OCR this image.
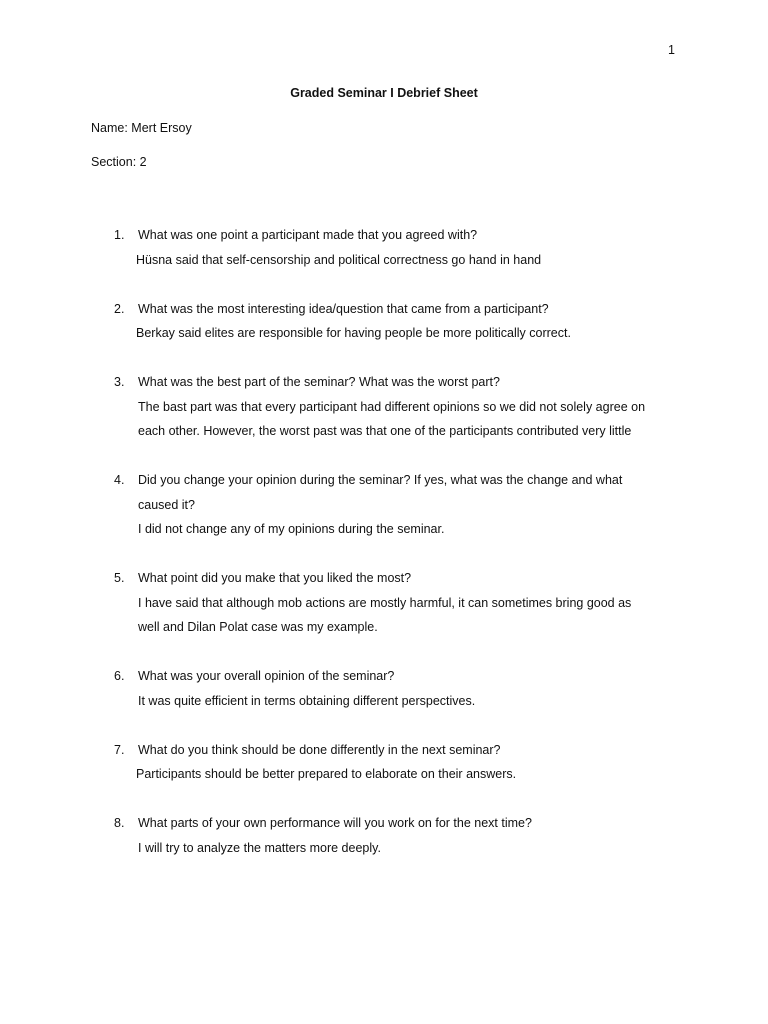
1
Graded Seminar I Debrief Sheet
Name: Mert Ersoy
Section: 2
1.	What was one point a participant made that you agreed with?
Hüsna said that self-censorship and political correctness go hand in hand
2.	What was the most interesting idea/question that came from a participant?
Berkay said elites are responsible for having people be more politically correct.
3.	What was the best part of the seminar? What was the worst part?
The bast part was that every participant had different opinions so we did not solely agree on
each other. However, the worst past was that one of the participants contributed very little
4.	Did you change your opinion during the seminar? If yes, what was the change and what
caused it?
I did not change any of my opinions during the seminar.
5.	What point did you make that you liked the most?
I have said that although mob actions are mostly harmful, it can sometimes bring good as
well and Dilan Polat case was my example.
6.	What was your overall opinion of the seminar?
It was quite efficient in terms obtaining different perspectives.
7.	What do you think should be done differently in the next seminar?
Participants should be better prepared to elaborate on their answers.
8.	What parts of your own performance will you work on for the next time?
I will try to analyze the matters more deeply.
